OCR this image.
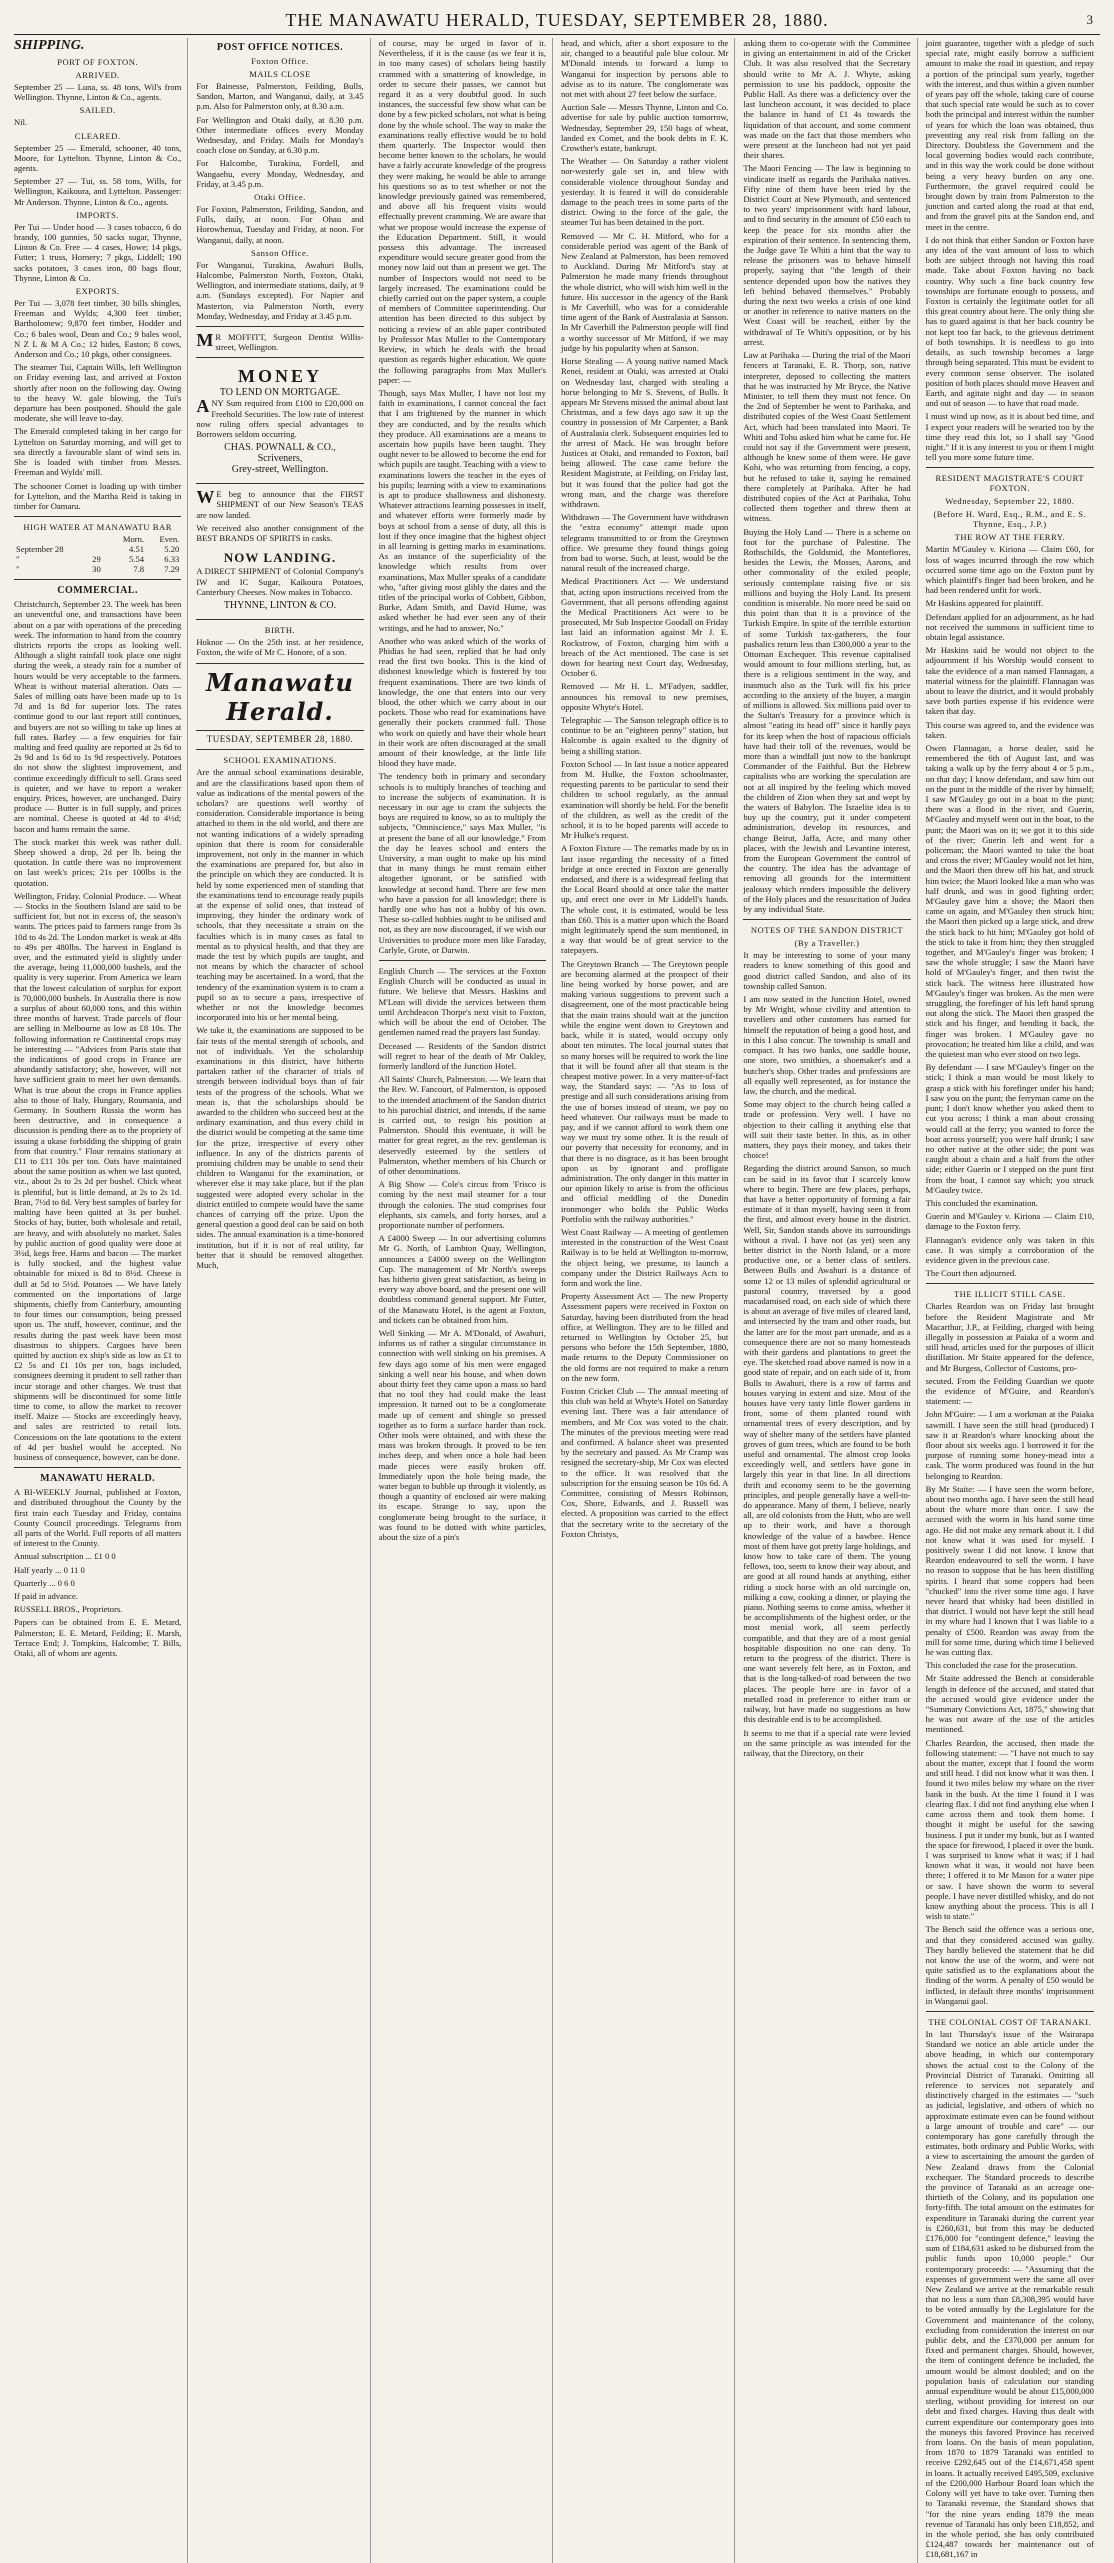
THE MANAWATU HERALD, TUESDAY, SEPTEMBER 28, 1880.	3
SHIPPING.
PORT OF FOXTON.
ARRIVED.

September 25 — Luna, ss. 48 tons, Wil's from Wellington. Thynne, Linton & Co., agents.

SAILED.

Nil.

CLEARED.

September 25 — Emerald, schooner, 40 tons, Moore, for Lyttelton. Thynne, Linton & Co., agents.

September 27 — Tui, ss. 58 tons, Wills, for Wellington, Kaikoura, and Lyttelton. Passenger: Mr Anderson. Thynne, Linton & Co., agents.

IMPORTS.

Per Tui — Under hood — 3 cases tobacco, 6 do brandy, 100 gunnies, 50 sacks sugar, Thynne, Linton & Co. Free — 4 cases, Howe; 14 pkgs, Futter; 1 truss, Hornery; 7 pkgs, Liddell; 190 sacks potatoes, 3 cases iron, 80 bags flour, Thynne, Linton & Co.

EXPORTS.

Per Tui — 3,078 feet timber, 30 bills shingles, Freeman and Wylds; 4,300 feet timber, Bartholomew; 9,870 feet timber, Hodder and Co.; 6 bales wool, Dean and Co.; 9 bales wool, N Z L & M A Co.; 12 hides, Easton; 8 cows, Anderson and Co.; 10 pkgs, other consignees.

The steamer Tui, Captain Wills, left Wellington on Friday evening last, and arrived at Foxton shortly after noon on the following day. Owing to the heavy W. gale blowing, the Tui's departure has been postponed. Should the gale moderate, she will leave to-day.

The Emerald completed taking in her cargo for Lyttelton on Saturday morning, and will get to sea directly a favourable slant of wind sets in. She is loaded with timber from Messrs. Freeman and Wylds' mill.

The schooner Comet is loading up with timber for Lyttelton, and the Martha Reid is taking in timber for Oamaru.

HIGH WATER AT MANAWATU BAR
		Morn.	Even.
September 28		4.51	5.20
"	29	5.54	6.33
"	30	7.8	7.29
COMMERCIAL.

Christchurch, September 23. The week has been an uneventful one, and transactions have been about on a par with operations of the preceding week. The information to hand from the country districts reports the crops as looking well. Although a slight rainfall took place one night during the week, a steady rain for a number of hours would be very acceptable to the farmers. Wheat is without material alteration. Oats — Sales of milling oats have been made up to 1s 7d and 1s 8d for superior lots. The rates continue good to our last report still continues, and buyers are not so willing to take up lines at full rates. Barley — a few enquiries for fair malting and feed quality are reported at 2s 6d to 2s 9d and 1s 6d to 1s 9d respectively. Potatoes do not show the slightest improvement, and continue exceedingly difficult to sell. Grass seed is quieter, and we have to report a weaker enquiry. Prices, however, are unchanged. Dairy produce — Butter is in full supply, and prices are nominal. Cheese is quoted at 4d to 4½d; bacon and hams remain the same.

The stock market this week was rather dull. Sheep showed a drop, 2d per lb. being the quotation. In cattle there was no improvement on last week's prices; 21s per 100lbs is the quotation.

Wellington, Friday. Colonial Produce. — Wheat — Stocks in the Southern Island are said to be sufficient for, but not in excess of, the season's wants. The prices paid to farmers range from 3s 10d to 4s 2d. The London market is weak at 48s to 49s per 480lbs. The harvest in England is over, and the estimated yield is slightly under the average, being 11,000,000 bushels, and the quality is very superior. From America we learn that the lowest calculation of surplus for export is 70,000,000 bushels. In Australia there is now a surplus of about 60,000 tons, and this within three months of harvest. Trade parcels of flour are selling in Melbourne as low as £8 10s. The following information re Continental crops may be interesting — "Advices from Paris state that the indications of good crops in France are abundantly satisfactory; she, however, will not have sufficient grain to meet her own demands. What is true about the crops in France applies also to those of Italy, Hungary, Roumania, and Germany. In Southern Russia the worm has been destructive, and in consequence a discussion is pending there as to the propriety of issuing a ukase forbidding the shipping of grain from that country." Flour remains stationary at £11 to £11 10s per ton. Oats have maintained about the same position as when we last quoted, viz., about 2s to 2s 2d per bushel. Chick wheat is plentiful, but is little demand, at 2s to 2s 1d. Bran, 7½d to 8d. Very best samples of barley for malting have been quitted at 3s per bushel. Stocks of hay, butter, both wholesale and retail, are heavy, and with absolutely no market. Sales by public auction of good quality were done at 3½d, kegs free. Hams and bacon — The market is fully stocked, and the highest value obtainable for mixed is 8d to 8½d. Cheese is dull at 5d to 5½d. Potatoes — We have lately commented on the importations of large shipments, chiefly from Canterbury, amounting to four times our consumption, being pressed upon us. The stuff, however, continue, and the results during the past week have been most disastrous to shippers. Cargoes have been quitted by auction ex ship's side as low as £1 to £2 5s and £1 10s per ton, bags included, consignees deeming it prudent to sell rather than incur storage and other charges. We trust that shipments will be discontinued for some little time to come, to allow the market to recover itself. Maize — Stocks are exceedingly heavy, and sales are restricted to retail lots. Concessions on the late quotations to the extent of 4d per bushel would be accepted. No business of consequence, however, can be done.

MANAWATU HERALD.

A BI-WEEKLY Journal, published at Foxton, and distributed throughout the County by the first train each Tuesday and Friday, contains County Council proceedings. Telegrams from all parts of the World. Full reports of all matters of interest to the County.

Annual subscription ... £1 0 0

Half yearly ... 0 11 0

Quarterly ... 0 6 0

If paid in advance.

RUSSELL BROS., Proprietors.

Papers can be obtained from E. E. Metard, Palmerston; E. E. Metard, Feilding; E. Marsh, Terrace End; J. Tompkins, Halcombe; T. Bills, Otaki, all of whom are agents.

POST OFFICE NOTICES.
Foxton Office.
MAILS CLOSE

For Bainesse, Palmerston, Feilding, Bulls, Sandon, Marton, and Wanganui, daily, at 3.45 p.m. Also for Palmerston only, at 8.30 a.m.

For Wellington and Otaki daily, at 8.30 p.m. Other intermediate offices every Monday Wednesday, and Friday. Mails for Monday's coach close on Sunday, at 6.30 p.m.

For Halcombe, Turakina, Fordell, and Wangaehu, every Monday, Wednesday, and Friday, at 3.45 p.m.

Otaki Office.

For Foxton, Palmerston, Feilding, Sandon, and Fulls, daily, at noon. For Ohau and Horowhenua, Tuesday and Friday, at noon. For Wanganui, daily, at noon.

Sanson Office.

For Wanganui, Turakina, Awahuri Bulls, Halcombe, Palmerston North, Foxton, Otaki, Wellington, and intermediate stations, daily, at 9 a.m. (Sundays excepted). For Napier and Masterton, via Palmerston North, every Monday, Wednesday, and Friday at 3.45 p.m.

MR MOFFITT, Surgeon Dentist Willis-street, Wellington.

MONEY
TO LEND ON MORTGAGE.

ANY Sum required from £100 to £20,000 on Freehold Securities. The low rate of interest now ruling offers special advantages to Borrowers seldom occurring.

CHAS. POWNALL & CO.,
Scriveners,
Grey-street, Wellington.

WE beg to announce that the FIRST SHIPMENT of our New Season's TEAS are now landed.

We received also another consignment of the BEST BRANDS OF SPIRITS in casks.

NOW LANDING.

A DIRECT SHIPMENT of Colonial Company's IW and IC Sugar, Kaikoura Potatoes, Canterbury Cheeses. Now makes in Tobacco.

THYNNE, LINTON & CO.
BIRTH.

Hoknor — On the 25th inst. at her residence, Foxton, the wife of Mr C. Honore, of a son.

Manawatu Herald.
TUESDAY, SEPTEMBER 28, 1880.
SCHOOL EXAMINATIONS.

Are the annual school examinations desirable, and are the classifications based upon them of value as indications of the mental powers of the scholars? are questions well worthy of consideration. Considerable importance is being attached to them in the old world, and there are not wanting indications of a widely spreading opinion that there is room for considerable improvement, not only in the manner in which the examinations are prepared for, but also in the principle on which they are conducted. It is held by some experienced men of standing that the examinations tend to encourage ready pupils at the expense of solid ones, that instead of improving, they hinder the ordinary work of schools, that they necessitate a strain on the faculties which is in many cases as fatal to mental as to physical health, and that they are made the test by which pupils are taught, and not means by which the character of school teaching may be ascertained. In a word, that the tendency of the examination system is to cram a pupil so as to secure a pass, irrespective of whether or not the knowledge becomes incorporated into his or her mental being.

We take it, the examinations are supposed to be fair tests of the mental strength of schools, and not of individuals. Yet the scholarship examinations in this district, have hitherto partaken rather of the character of trials of strength between individual boys than of fair tests of the progress of the schools. What we mean is, that the scholarships should be awarded to the children who succeed best at the ordinary examination, and thus every child in the district would be competing at the same time for the prize, irrespective of every other influence. In any of the districts parents of promising children may be unable to send their children to Wanganui for the examination, or wherever else it may take place, but if the plan suggested were adopted every scholar in the district entitled to compete would have the same chances of carrying off the prize. Upon the general question a good deal can be said on both sides. The annual examination is a time-honored institution, but if it is not of real utility, far better that it should be removed altogether. Much,

of course, may be urged in favor of it. Nevertheless, if it is the cause (as we fear it is, in too many cases) of scholars being hastily crammed with a smattering of knowledge, in order to secure their passes, we cannot but regard it as a very doubtful good. In such instances, the successful few show what can be done by a few picked scholars, not what is being done by the whole school. The way to make the examinations really effective would be to hold them quarterly. The Inspector would then become better known to the scholars, he would have a fairly accurate knowledge of the progress they were making, he would be able to arrange his questions so as to test whether or not the knowledge previously gained was remembered, and above all his frequent visits would effectually prevent cramming. We are aware that what we propose would increase the expense of the Education Department. Still, it would possess this advantage. The increased expenditure would secure greater good from the money now laid out than at present we get. The number of Inspectors would not need to be largely increased. The examinations could be chiefly carried out on the paper system, a couple of members of Committee superintending. Our attention has been directed to this subject by noticing a review of an able paper contributed by Professor Max Muller to the Contemporary Review, in which he deals with the broad question as regards higher education. We quote the following paragraphs from Max Muller's paper: —

Though, says Max Muller, I have not lost my faith in examinations, I cannot conceal the fact that I am frightened by the manner in which they are conducted, and by the results which they produce. All examinations are a means to ascertain how pupils have been taught. They ought never to be allowed to become the end for which pupils are taught. Teaching with a view to examinations lowers the teacher in the eyes of his pupils; learning with a view to examinations is apt to produce shallowness and dishonesty. Whatever attractions learning possesses in itself, and whatever efforts were formerly made by boys at school from a sense of duty, all this is lost if they once imagine that the highest object in all learning is getting marks in examinations. As an instance of the superficiality of the knowledge which results from over examinations, Max Muller speaks of a candidate who, "after giving most glibly the dates and the titles of the principal works of Cobbett, Gibbon, Burke, Adam Smith, and David Hume, was asked whether he had ever seen any of their writings, and he had to answer, No."

Another who was asked which of the works of Phidias he had seen, replied that he had only read the first two books. This is the kind of dishonest knowledge which is fostered by too frequent examinations. There are two kinds of knowledge, the one that enters into our very blood, the other which we carry about in our pockets. Those who read for examinations have generally their pockets crammed full. Those who work on quietly and have their whole heart in their work are often discouraged at the small amount of their knowledge, at the little life blood they have made.

The tendency both in primary and secondary schools is to multiply branches of teaching and to increase the subjects of examination. It is necessary in our age to cram the subjects the boys are required to know, so as to multiply the subjects, "Omniscience," says Max Muller, "is at present the bane of all our knowledge." From the day he leaves school and enters the University, a man ought to make up his mind that in many things he must remain either altogether ignorant, or be satisfied with knowledge at second hand. There are few men who have a passion for all knowledge; there is hardly one who has not a hobby of his own. These so-called hobbies ought to be utilised and not, as they are now discouraged, if we wish our Universities to produce more men like Faraday, Carlyle, Grote, or Darwin.

English Church — The services at the Foxton English Church will be conducted as usual in future. We believe that Messrs. Haskins and M'Lean will divide the services between them until Archdeacon Thorpe's next visit to Foxton, which will be about the end of October. The gentlemen named read the prayers last Sunday.

Deceased — Residents of the Sandon district will regret to hear of the death of Mr Oakley, formerly landlord of the Junction Hotel.

All Saints' Church, Palmerston. — We learn that the Rev. W. Fancourt, of Palmerston, is opposed to the intended attachment of the Sandon district to his parochial district, and intends, if the same is carried out, to resign his position at Palmerston. Should this eventuate, it will be matter for great regret, as the rev. gentleman is deservedly esteemed by the settlers of Palmerston, whether members of his Church or of other denominations.

A Big Show — Cole's circus from 'Frisco is coming by the next mail steamer for a tour through the colonies. The stud comprises four elephants, six camels, and forty horses, and a proportionate number of performers.

A £4000 Sweep — In our advertising columns Mr G. North, of Lambton Quay, Wellington, announces a £4000 sweep on the Wellington Cup. The management of Mr North's sweeps has hitherto given great satisfaction, as being in every way above board, and the present one will doubtless command general support. Mr Futter, of the Manawatu Hotel, is the agent at Foxton, and tickets can be obtained from him.

Well Sinking — Mr A. M'Donald, of Awahuri, informs us of rather a singular circumstance in connection with well sinking on his premises. A few days ago some of his men were engaged sinking a well near his house, and when down about thirty feet they came upon a mass so hard that no tool they had could make the least impression. It turned out to be a conglomerate made up of cement and shingle so pressed together as to form a surface harder than rock. Other tools were obtained, and with these the mass was broken through. It proved to be ten inches deep, and when once a hole had been made pieces were easily broken off. Immediately upon the hole being made, the water began to bubble up through it violently, as though a quantity of enclosed air were making its escape. Strange to say, upon the conglomerate being brought to the surface, it was found to be dotted with white particles, about the size of a pin's

head, and which, after a short exposure to the air, changed to a beautiful pale blue colour. Mr M'Donald intends to forward a lump to Wanganui for inspection by persons able to advise as to its nature. The conglomerate was not met with about 27 feet below the surface.

Auction Sale — Messrs Thynne, Linton and Co. advertise for sale by public auction tomorrow, Wednesday, September 29, 150 bags of wheat, landed ex Comet, and the book debts in F. K. Crowther's estate, bankrupt.

The Weather — On Saturday a rather violent nor-westerly gale set in, and blew with considerable violence throughout Sunday and yesterday. It is feared it will do considerable damage to the peach trees in some parts of the district. Owing to the force of the gale, the steamer Tui has been detained in the port.

Removed — Mr C. H. Mitford, who for a considerable period was agent of the Bank of New Zealand at Palmerston, has been removed to Auckland. During Mr Mitford's stay at Palmerston he made many friends throughout the whole district, who will wish him well in the future. His successor in the agency of the Bank is Mr Caverhill, who was for a considerable time agent of the Bank of Australasia at Sanson. In Mr Caverhill the Palmerston people will find a worthy successor of Mr Mitford, if we may judge by his popularity when at Sanson.

Horse Stealing — A young native named Mack Renei, resident at Otaki, was arrested at Otaki on Wednesday last, charged with stealing a horse belonging to Mr S. Stevens, of Bulls. It appears Mr Stevens missed the animal about last Christmas, and a few days ago saw it up the country in possession of Mr Carpenter, a Bank of Australasia clerk. Subsequent enquiries led to the arrest of Mack. He was brought before Justices at Otaki, and remanded to Foxton, bail being allowed. The case came before the Resident Magistrate, at Feilding, on Friday last, but it was found that the police had got the wrong man, and the charge was therefore withdrawn.

Withdrawn — The Government have withdrawn the "extra economy" attempt made upon telegrams transmitted to or from the Greytown office. We presume they found things going from bad to worse. Such, at least, would be the natural result of the increased charge.

Medical Practitioners Act — We understand that, acting upon instructions received from the Government, that all persons offending against the Medical Practitioners Act were to be prosecuted, Mr Sub Inspector Goodall on Friday last laid an information against Mr J. E. Rockstrow, of Foxton, charging him with a breach of the Act mentioned. The case is set down for hearing next Court day, Wednesday, October 6.

Removed — Mr H. L. M'Fadyen, saddler, announces his removal to new premises, opposite Whyte's Hotel.

Telegraphic — The Sanson telegraph office is to continue to be an "eighteen penny" station, but Halcombe is again exalted to the dignity of being a shilling station.

Foxton School — In last issue a notice appeared from M. Hulke, the Foxton schoolmaster, requesting parents to be particular to send their children to school regularly, as the annual examination will shortly be held. For the benefit of the children, as well as the credit of the school, it is to be hoped parents will accede to Mr Hulke's request.

A Foxton Fixture — The remarks made by us in last issue regarding the necessity of a fitted bridge at once erected in Foxton are generally endorsed, and there is a widespread feeling that the Local Board should at once take the matter up, and erect one over in Mr Liddell's hands. The whole cost, it is estimated, would be less than £60. This is a matter upon which the Board might legitimately spend the sum mentioned, in a way that would be of great service to the ratepayers.

The Greytown Branch — The Greytown people are becoming alarmed at the prospect of their line being worked by horse power, and are making various suggestions to prevent such a disagreement, one of the most practicable being that the main trains should wait at the junction while the engine went down to Greytown and back, while it is stated, would occupy only about ten minutes. The local journal states that so many horses will be required to work the line that it will be found after all that steam is the cheapest motive power. In a very matter-of-fact way, the Standard says: — "As to loss of prestige and all such considerations arising from the use of horses instead of steam, we pay no heed whatever. Our railways must be made to pay, and if we cannot afford to work them one way we must try some other. It is the result of our poverty that necessity for economy, and in that there is no disgrace, as it has been brought upon us by ignorant and profligate administration. The only danger in this matter in our opinion likely to arise is from the officious and official meddling of the Dunedin ironmonger who holds the Public Works Portfolio with the railway authorities."

West Coast Railway — A meeting of gentlemen interested in the construction of the West Coast Railway is to be held at Wellington to-morrow, the object being, we presume, to launch a company under the District Railways Acts to form and work the line.

Property Assessment Act — The new Property Assessment papers were received in Foxton on Saturday, having been distributed from the head office, at Wellington. They are to be filled and returned to Wellington by October 25, but persons who before the 15th September, 1880, made returns to the Deputy Commissioner on the old forms are not required to make a return on the new form.

Foxton Cricket Club — The annual meeting of this club was held at Whyte's Hotel on Saturday evening last. There was a fair attendance of members, and Mr Cox was voted to the chair. The minutes of the previous meeting were read and confirmed. A balance sheet was presented by the secretary and passed. As Mr Cramp was resigned the secretary-ship, Mr Cox was elected to the office. It was resolved that the subscription for the ensuing season be 10s 6d. A Committee, consisting of Messrs Robinson, Cox, Shore, Edwards, and J. Russell was elected. A proposition was carried to the effect that the secretary write to the secretary of the Foxton Christys,

asking them to co-operate with the Committee in giving an entertainment in aid of the Cricket Club. It was also resolved that the Secretary should write to Mr A. J. Whyte, asking permission to use his paddock, opposite the Public Hall. As there was a deficiency over the last luncheon account, it was decided to place the balance in hand of £1 4s towards the liquidation of that account, and some comment was made on the fact that those members who were present at the luncheon had not yet paid their shares.

The Maori Fencing — The law is beginning to vindicate itself as regards the Parihaka natives. Fifty nine of them have been tried by the District Court at New Plymouth, and sentenced to two years' imprisonment with hard labour, and to find security in the amount of £50 each to keep the peace for six months after the expiration of their sentence. In sentencing them, the Judge gave Te Whiti a hint that the way to release the prisoners was to behave himself properly, saying that "the length of their sentence depended upon how the natives they left behind behaved themselves." Probably during the next two weeks a crisis of one kind or another in reference to native matters on the West Coast will be reached, either by the withdrawal of Te Whiti's opposition, or by his arrest.

Law at Parihaka — During the trial of the Maori fencers at Taranaki, E. R. Thorp, son, native interpreter, deposed to collecting the matters that he was instructed by Mr Bryce, the Native Minister, to tell them they must not fence. On the 2nd of September he went to Parihaka, and distributed copies of the West Coast Settlement Act, which had been translated into Maori. Te Whiti and Tohu asked him what he came for. He could not say if the Government were present, although he knew some of them were. He gave Kohi, who was returning from fencing, a copy, but he refused to take it, saying he remained there completely at Parihaka. After he had distributed copies of the Act at Parihaka, Tohu collected them together and threw them at witness.

Buying the Holy Land — There is a scheme on foot for the purchase of Palestine. The Rothschilds, the Goldsmid, the Montefiores, besides the Lewis, the Mosses, Aarons, and other commonality of the exiled people, seriously contemplate raising five or six millions and buying the Holy Land. Its present condition is miserable. No more need be said on this point than that it is a province of the Turkish Empire. In spite of the terrible extortion of some Turkish tax-gatherers, the four pashalics return less than £300,000 a year to the Ottoman Exchequer. This revenue capitalised would amount to four millions sterling, but, as there is a religious sentiment in the way, and inasmuch also as the Turk will fix his price according to the anxiety of the buyer, a margin of millions is allowed. Six millions paid over to the Sultan's Treasury for a province which is almost "eating its head off" since it hardly pays for its keep when the host of rapacious officials have had their toll of the revenues, would be more than a windfall just now to the bankrupt Commander of the Faithful. But the Hebrew capitalists who are working the speculation are not at all inspired by the feeling which moved the children of Zion when they sat and wept by the waters of Babylon. The Israelite idea is to buy up the country, put it under competent administration, develop its resources, and change Beirut, Jaffa, Acre, and many other places, with the Jewish and Levantine interest, from the European Government the control of the country. The idea has the advantage of removing all grounds for the intermittent jealousy which renders impossible the delivery of the Holy places and the resuscitation of Judea by any individual State.

NOTES OF THE SANDON DISTRICT
(By a Traveller.)

It may be interesting to some of your many readers to know something of this good and good district called Sandon, and also of its township called Sanson.

I am now seated in the Junction Hotel, owned by Mr Wright, whose civility and attention to travellers and other customers has earned for himself the reputation of being a good host, and in this I also concur. The township is small and compact. It has two banks, one saddle house, one store, two smithies, a shoemaker's and a butcher's shop. Other trades and professions are all equally well represented, as for instance the law, the church, and the medical.

Some may object to the church being called a trade or profession. Very well. I have no objection to their calling it anything else that will suit their taste better. In this, as in other matters, they pays their money, and takes their choice!

Regarding the district around Sanson, so much can be said in its favor that I scarcely know where to begin. There are few places, perhaps, that have a better opportunity of forming a fair estimate of it than myself, having seen it from the first, and almost every house in the district. Well, Sir, Sandon stands above its surroundings without a rival. I have not (as yet) seen any better district in the North Island, or a more productive one, or a better class of settlers. Between Bulls and Awahuri is a distance of some 12 or 13 miles of splendid agricultural or pastoral country, traversed by a good macadamised road, on each side of which there is about an average of five miles of cleared land, and intersected by the tram and other roads, but the latter are for the most part unmade, and as a consequence there are not so many homesteads with their gardens and plantations to greet the eye. The sketched road above named is now in a good state of repair, and on each side of it, from Bulls to Awahuri, there is a row of farms and houses varying in extent and size. Most of the houses have very tasty little flower gardens in front, some of them planted round with ornamental trees of every description, and by way of shelter many of the settlers have planted groves of gum trees, which are found to be both useful and ornamental. The almost crop looks exceedingly well, and settlers have gone in largely this year in that line. In all directions thrift and economy seem to be the governing principles, and people generally have a well-to-do appearance. Many of them, I believe, nearly all, are old colonists from the Hutt, who are well up to their work, and have a thorough knowledge of the value of a bawbee. Hence most of them have got pretty large holdings, and know how to take care of them. The young fellows, too, seem to know their way about, and are good at all round hands at anything, either riding a stock horse with an old surcingle on, milking a cow, cooking a dinner, or playing the piano. Nothing seems to come amiss, whether it be accomplishments of the highest order, or the most menial work, all seem perfectly compatible, and that they are of a most genial hospitable disposition no one can deny. To return to the progress of the district. There is one want severely felt here, as in Foxton, and that is the long-talked-of road between the two places. The people here are in favor of a metalled road in preference to either tram or railway, but have made no suggestions as how this desirable end is to be accomplished.

It seems to me that if a special rate were levied on the same principle as was intended for the railway, that the Directory, on their

joint guarantee, together with a pledge of such special rate, might easily borrow a sufficient amount to make the road in question, and repay a portion of the principal sum yearly, together with the interest, and thus within a given number of years pay off the whole, taking care of course that such special rate would be such as to cover both the principal and interest within the number of years for which the loan was obtained, thus preventing any real risk from falling on the Directory. Doubtless the Government and the local governing bodies would each contribute, and in this way the work could be done without being a very heavy burden on any one. Furthermore, the gravel required could be brought down by train from Palmerston to the junction and carted along the road at that end, and from the gravel pits at the Sandon end, and meet in the centre.

I do not think that either Sandon or Foxton have any idea of the vast amount of loss to which both are subject through not having this road made. Take about Foxton having no back country. Why such a fine back country few townships are fortunate enough to possess, and Foxton is certainly the legitimate outlet for all this great country about here. The only thing she has to guard against is that her back country be not kept too far back, to the grievous detriment of both townships. It is needless to go into details, as such township becomes a large through being separated. This must be evident to every common sense observer. The isolated position of both places should move Heaven and Earth, and agitate night and day — in season and out of season — to have that road made.

I must wind up now, as it is about bed time, and I expect your readers will be wearied too by the time they read this lot, so I shall say "Good night." If it is any interest to you or them I might tell you more some future time.

RESIDENT MAGISTRATE'S COURT FOXTON.
Wednesday, September 22, 1880.
(Before H. Ward, Esq., R.M., and E. S. Thynne, Esq., J.P.)
THE ROW AT THE FERRY.

Martin M'Gauley v. Kiriona — Claim £60, for loss of wages incurred through the row which occurred some time ago on the Foxton punt by which plaintiff's finger had been broken, and he had been rendered unfit for work.

Mr Haskins appeared for plaintiff.

Defendant applied for an adjournment, as he had not received the summons in sufficient time to obtain legal assistance.

Mr Haskins said he would not object to the adjournment if his Worship would consent to take the evidence of a man named Flannagan, a material witness for the plaintiff. Flannagan was about to leave the district, and it would probably save both parties expense if his evidence were taken that day.

This course was agreed to, and the evidence was taken.

Owen Flannagan, a horse dealer, said he remembered the 6th of August last, and was taking a walk up by the ferry about 4 or 5 p.m., on that day; I know defendant, and saw him out on the punt in the middle of the river by himself; I saw M'Gauley go out in a boat to the punt; there was a flood in the river, and Guerin, M'Gauley and myself went out in the boat, to the punt; the Maori was on it; we got it to this side of the river; Guerin left and went for a policeman; the Maori wanted to take the boat and cross the river; M'Gauley would not let him, and the Maori then threw off his hat, and struck him twice; the Maori looked like a man who was half drunk, and was in good fighting order; M'Gauley gave him a shove; the Maori then came on again, and M'Gauley then struck him; the Maori then picked up a large stick, and drew the stick back to hit him; M'Gauley got hold of the stick to take it from him; they then struggled together, and M'Gauley's finger was broken; I saw the whole struggle; I saw the Maori have hold of M'Gauley's finger, and then twist the stick back. The witness here illustrated how M'Gauley's finger was broken. As the men were struggling, the forefinger of his left hand sprung out along the stick. The Maori then grasped the stick and his finger, and bending it back, the finger was broken. I M'Gauley gave no provocation; he treated him like a child, and was the quietest man who ever stood on two legs.

By defendant — I saw M'Gauley's finger on the stick; I think a man would be most likely to grasp a stick with his forefinger under his hand; I saw you on the punt; the ferryman came on the punt; I don't know whether you asked them to cut you across; I think a man about crossing would call at the ferry; you wanted to force the boat across yourself; you were half drunk; I saw no other native at the other side; the punt was caught about a chain and a half from the other side; either Guerin or I stepped on the punt first from the boat, I cannot say which; you struck M'Gauley twice.

This concluded the examination.

Guerin and M'Gauley v. Kiriona — Claim £10, damage to the Foxton ferry.

Flannagan's evidence only was taken in this case. It was simply a corroboration of the evidence given in the previous case.

The Court then adjourned.

THE ILLICIT STILL CASE.

Charles Reardon was on Friday last brought before the Resident Magistrate and Mr Macarthur, J.P., at Feilding, charged with being illegally in possession at Paiaka of a worm and still head, articles used for the purposes of illicit distillation. Mr Staite appeared for the defence, and Mr Burgess, Collector of Customs, pro-

secuted. From the Feilding Guardian we quote the evidence of M'Guire, and Reardon's statement: —

John M'Guire: — I am a workman at the Paiaka sawmill. I have seen the still head (produced) I saw it at Reardon's whare knocking about the floor about six weeks ago. I borrowed it for the purpose of running some honey-mead into a cask. The worm produced was found in the hut belonging to Reardon.

By Mr Staite: — I have seen the worm before, about two months ago. I have seen the still head about the whare more than once. I saw the accused with the worm in his hand some time ago. He did not make any remark about it. I did not know what it was used for myself. I positively swear I did not know. I know that Reardon endeavoured to sell the worm. I have no reason to suppose that he has been distilling spirits. I heard that some coppers had been "chucked" into the river some time ago. I have never heard that whisky had been distilled in that district. I would not have kept the still head in my whare had I known that I was liable to a penalty of £500. Reardon was away from the mill for some time, during which time I believed he was cutting flax.

This concluded the case for the prosecution.

Mr Staite addressed the Bench at considerable length in defence of the accused, and stated that the accused would give evidence under the "Summary Convictions Act, 1875," showing that he was not aware of the use of the articles mentioned.

Charles Reardon, the accused, then made the following statement: — "I have not much to say about the matter, except that I found the worm and still head. I did not know what it was then. I found it two miles below my whare on the river bank in the bush. At the time I found it I was clearing flax. I did not find anything else when I came across them and took them home. I thought it might be useful for the sawing business. I put it under my bunk, but as I wanted the space for firewood, I placed it over the bunk. I was surprised to know what it was; if I had known what it was, it would not have been there; I offered it to Mr Mason for a water pipe or saw. I have shown the worm to several people. I have never distilled whisky, and do not know anything about the process. This is all I wish to state."

The Bench said the offence was a serious one, and that they considered accused was guilty. They hardly believed the statement that he did not know the use of the worm, and were not quite satisfied as to the explanations about the finding of the worm. A penalty of £50 would be inflicted, in default three months' imprisonment in Wanganui gaol.

THE COLONIAL COST OF TARANAKI.

In last Thursday's issue of the Wairarapa Standard we notice an able article under the above heading, in which our contemporary shows the actual cost to the Colony of the Provincial District of Taranaki. Omitting all reference to services not separately and distinctively charged in the estimates — "such as judicial, legislative, and others of which no approximate estimate even can be found without a large amount of trouble and care" — our contemporary has gone carefully through the estimates, both ordinary and Public Works, with a view to ascertaining the amount the garden of New Zealand draws from the Colonial exchequer. The Standard proceeds to describe the province of Taranaki as an acreage one-thirtieth of the Colony, and its population one forty-fifth. The total amount on the estimates for expenditure in Taranaki during the current year is £260,631, but from this may be deducted £176,000 for "contingent defence," leaving the sum of £184,631 asked to be disbursed from the public funds upon 10,000 people." Our contemporary proceeds: — "Assuming that the expenses of government were the same all over New Zealand we arrive at the remarkable result that no less a sum than £8,308,395 would have to be voted annually by the Legislature for the Government and maintenance of the colony, excluding from consideration the interest on our public debt, and the £370,000 per annum for fixed and permanent charges. Should, however, the item of contingent defence be included, the amount would be almost doubled; and on the population basis of calculation our standing annual expenditure would be about £15,000,000 sterling, without providing for interest on our debt and fixed charges. Having thus dealt with current expenditure our contemporary goes into the moneys this favored Province has received from loans. On the basis of mean population, from 1870 to 1879 Taranaki was entitled to receive £292,645 out of the £14,671,458 spent in loans. It actually received £495,509, exclusive of the £200,000 Harbour Board loan which the Colony will yet have to take over. Turning then to Taranaki revenue, the Standard shows that "for the nine years ending 1879 the mean revenue of Taranaki has only been £18,852, and in the whole period, she has only contributed £124,487 towards her maintenance out of £18,681,167 in
